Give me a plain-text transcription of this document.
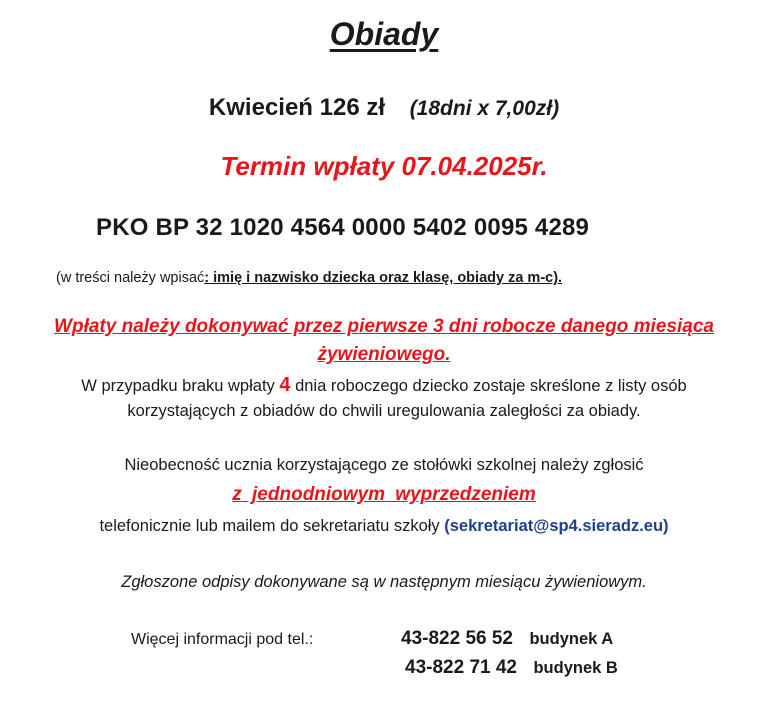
Obiady
Kwiecień 126 zł (18dni x 7,00zł)
Termin wpłaty 07.04.2025r.
PKO BP 32 1020 4564 0000 5402 0095 4289
(w treści należy wpisać: imię i nazwisko dziecka oraz klasę, obiady za m-c).
Wpłaty należy dokonywać przez pierwsze 3 dni robocze danego miesiąca
żywieniowego.
W przypadku braku wpłaty 4 dnia roboczego dziecko zostaje skreślone z listy osób
korzystających z obiadów do chwili uregulowania zaległości za obiady.
Nieobecność ucznia korzystającego ze stołówki szkolnej należy zgłosić
z jednodniowym wyprzedzeniem
telefonicznie lub mailem do sekretariatu szkoły (sekretariat@sp4.sieradz.eu)
Zgłoszone odpisy dokonywane są w następnym miesiącu żywieniowym.
Więcej informacji pod tel.:	43-822 56 52 budynek A
43-822 71 42 budynek B
